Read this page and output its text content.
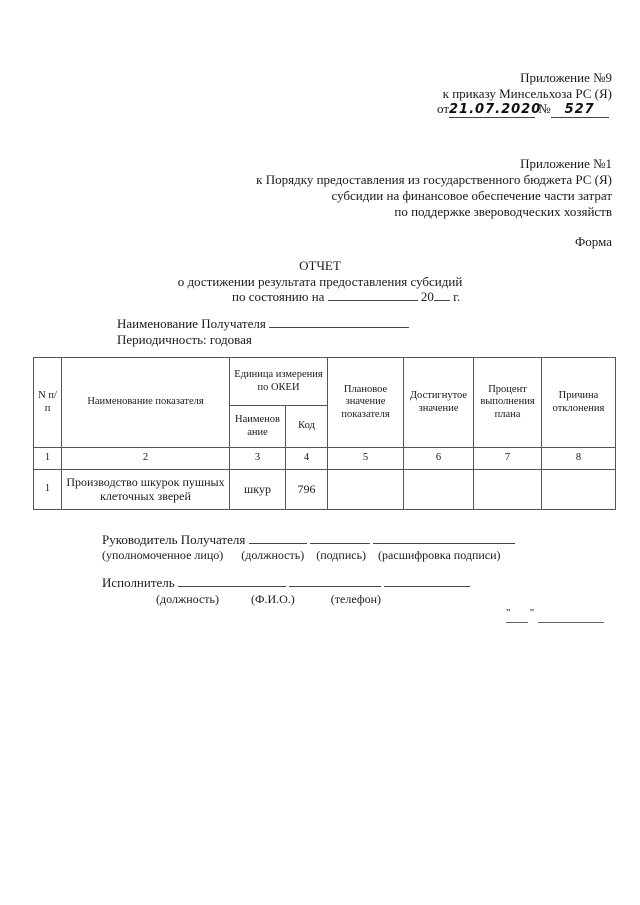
Приложение №9
к приказу Минсельхоза РС (Я)
от21.07.2020 № 527
Приложение №1
к Порядку предоставления из государственного бюджета РС (Я)
субсидии на финансовое обеспечение части затрат
по поддержке звероводческих хозяйств
Форма
ОТЧЕТ
о достижении результата предоставления субсидий
по состоянию на	20 г.
Наименование Получателя
Периодичность: годовая
N п/п	Наименование показателя	Единица измерения по ОКЕИ		Плановое значение показателя	Достигнутое значение	Процент выполнения плана	Причина отклонения
		Наименование	Код				
1	2	3	4	5	6	7	8
1	Производство шкурок пушных клеточных зверей	шкур	796				
Руководитель Получателя
(уполномоченное лицо) (должность) (подпись) (расшифровка подписи)
Исполнитель
(должность)	(Ф.И.О.)	(телефон)
"       "
